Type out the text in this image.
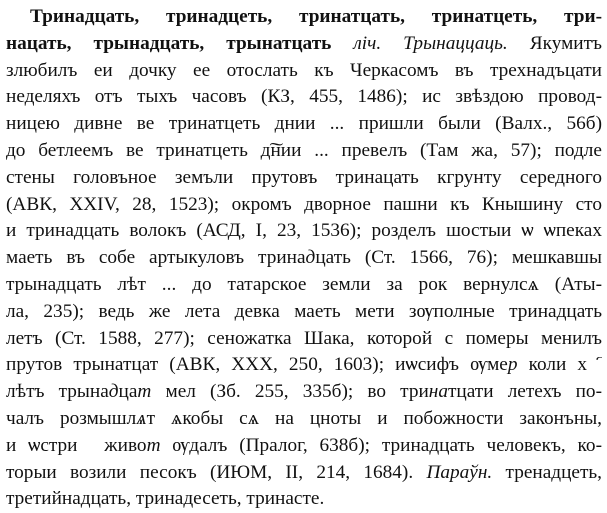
Тринадцать, тринадцеть, тринатцать, тринатцеть, три-
нацать, трынадцать, трынатцать ліч. Трынаццаць. Якумитъ
злюбилъ еи дочку ее отослать къ Черкасомъ въ трехнадъцати
неделяхъ отъ тыхъ часовъ (КЗ, 455, 1486); ис звѣздою провод-
ницею дивне ве тринатцеть днии ... пришли были (Валх., 56б)
до бетлеемъ ве тринатцеть д͠нии ... превелъ (Там жа, 57); подле
стены головъное земъли прутовъ тринацать кгрунту середного
(АВК, XXIV, 28, 1523); окромъ дворное пашни къ Кнышину сто
и тринадцать волокъ (АСД, I, 23, 1536); розделъ шостыи ѡ ѡпеках
маеть въ собе артыкуловъ тринадцать (Ст. 1566, 76); мешкавшы
трынадцать лѣт ... до татарское земли за рок вернулсѧ (Аты-
ла, 235); ведь же лета девка маеть мети зѹполные тринадцать
летъ (Ст. 1588, 277); сеножатка Шака, которой с померы менилъ
прутов трынатцат (АВК, XXX, 250, 1603); иѡсифъ ѹмер коли хⷭ҇
лѣтъ трынадцат мел (Зб. 255, 335б); во тринатцати летехъ по-
чалъ розмышлѧт ѧкобы сѧ на цноты и побожности законъны,
и ѡстриⷭ живот ѹдалъ (Пралог, 638б); тринадцать человекъ, ко-
торыи возили песокъ (ИЮМ, II, 214, 1684). Параўн. тренадцеть,
третийнадцать, тринадесеть, тринасте.
